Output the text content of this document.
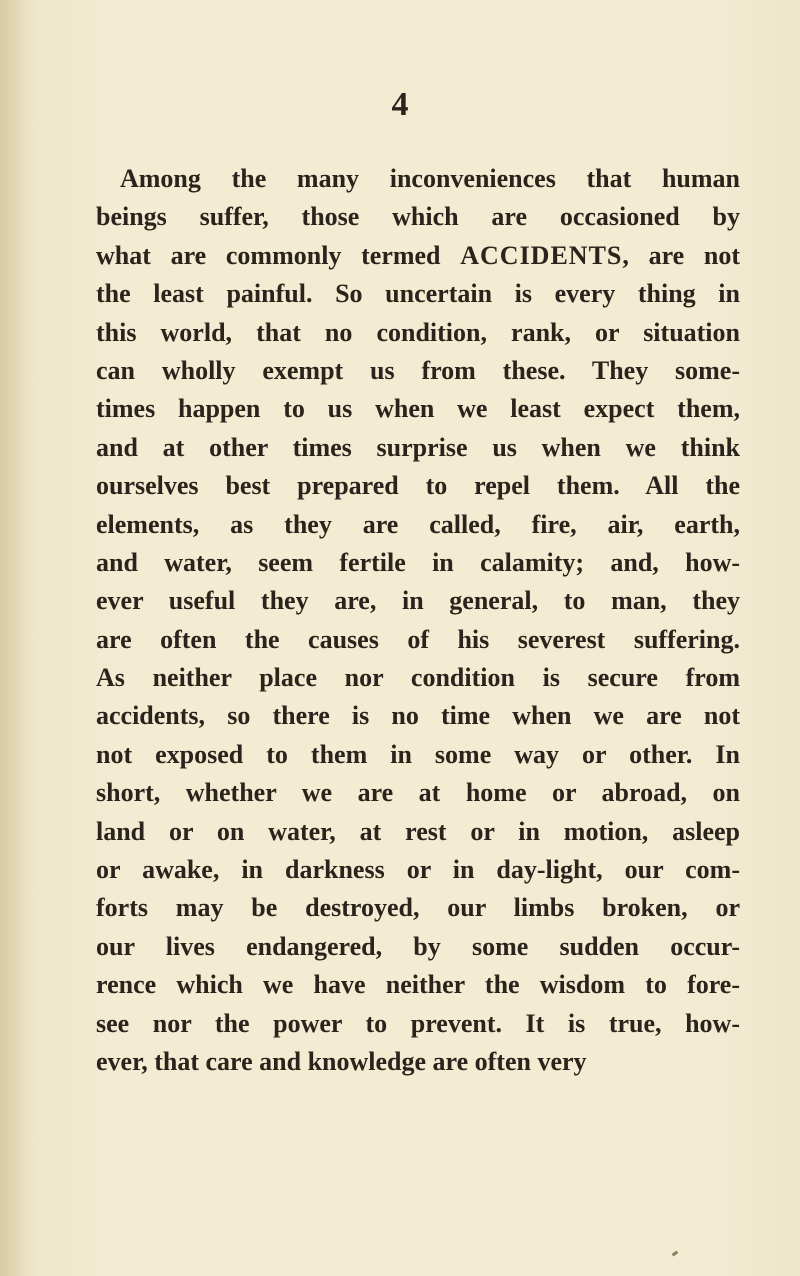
4
Among the many inconveniences that human
beings suffer, those which are occasioned by
what are commonly termed ACCIDENTS, are not
the least painful. So uncertain is every thing in
this world, that no condition, rank, or situation
can wholly exempt us from these. They some-
times happen to us when we least expect them,
and at other times surprise us when we think
ourselves best prepared to repel them. All the
elements, as they are called, fire, air, earth,
and water, seem fertile in calamity; and, how-
ever useful they are, in general, to man, they
are often the causes of his severest suffering.
As neither place nor condition is secure from
accidents, so there is no time when we are not
not exposed to them in some way or other. In
short, whether we are at home or abroad, on
land or on water, at rest or in motion, asleep
or awake, in darkness or in day-light, our com-
forts may be destroyed, our limbs broken, or
our lives endangered, by some sudden occur-
rence which we have neither the wisdom to fore-
see nor the power to prevent. It is true, how-
ever, that care and knowledge are often very
